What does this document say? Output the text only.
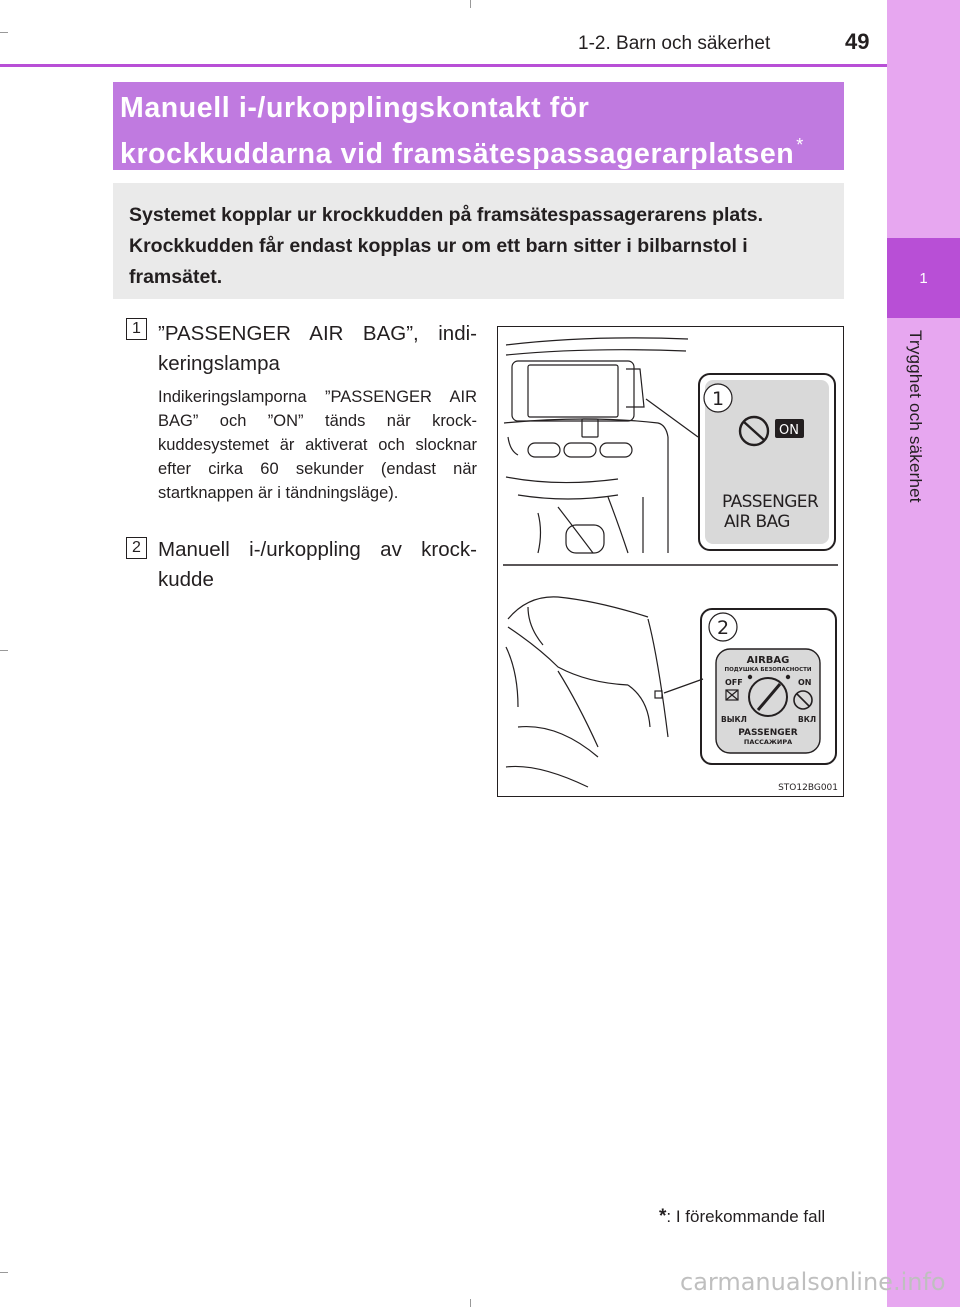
1
Trygghet och säkerhet
1-2. Barn och säkerhet	49
Manuell i-/urkopplingskontakt för
krockkuddarna vid framsätespassagerarplatsen *
Systemet kopplar ur krockkudden på framsätespassagerarens plats. Krockkudden får endast kopplas ur om ett barn sitter i bilbarnstol i framsätet.
1 ”PASSENGER AIR BAG”, indikeringslampa
Indikeringslamporna ”PASSENGER AIR BAG” och ”ON” tänds när krockkuddesystemet är aktiverat och slocknar efter cirka 60 sekunder (endast när startknappen är i tändningsläge).
2 Manuell i-/urkoppling av krockkudde
1
ON
PASSENGER
AIR BAG
2
AIRBAG
ПОДУШКА БЕЗОПАСНОСТИ
OFF	ON
ВЫКЛ	ВКЛ
PASSENGER
ПАССАЖИРА
STO12BG001
*: I förekommande fall
carmanualsonline.info
